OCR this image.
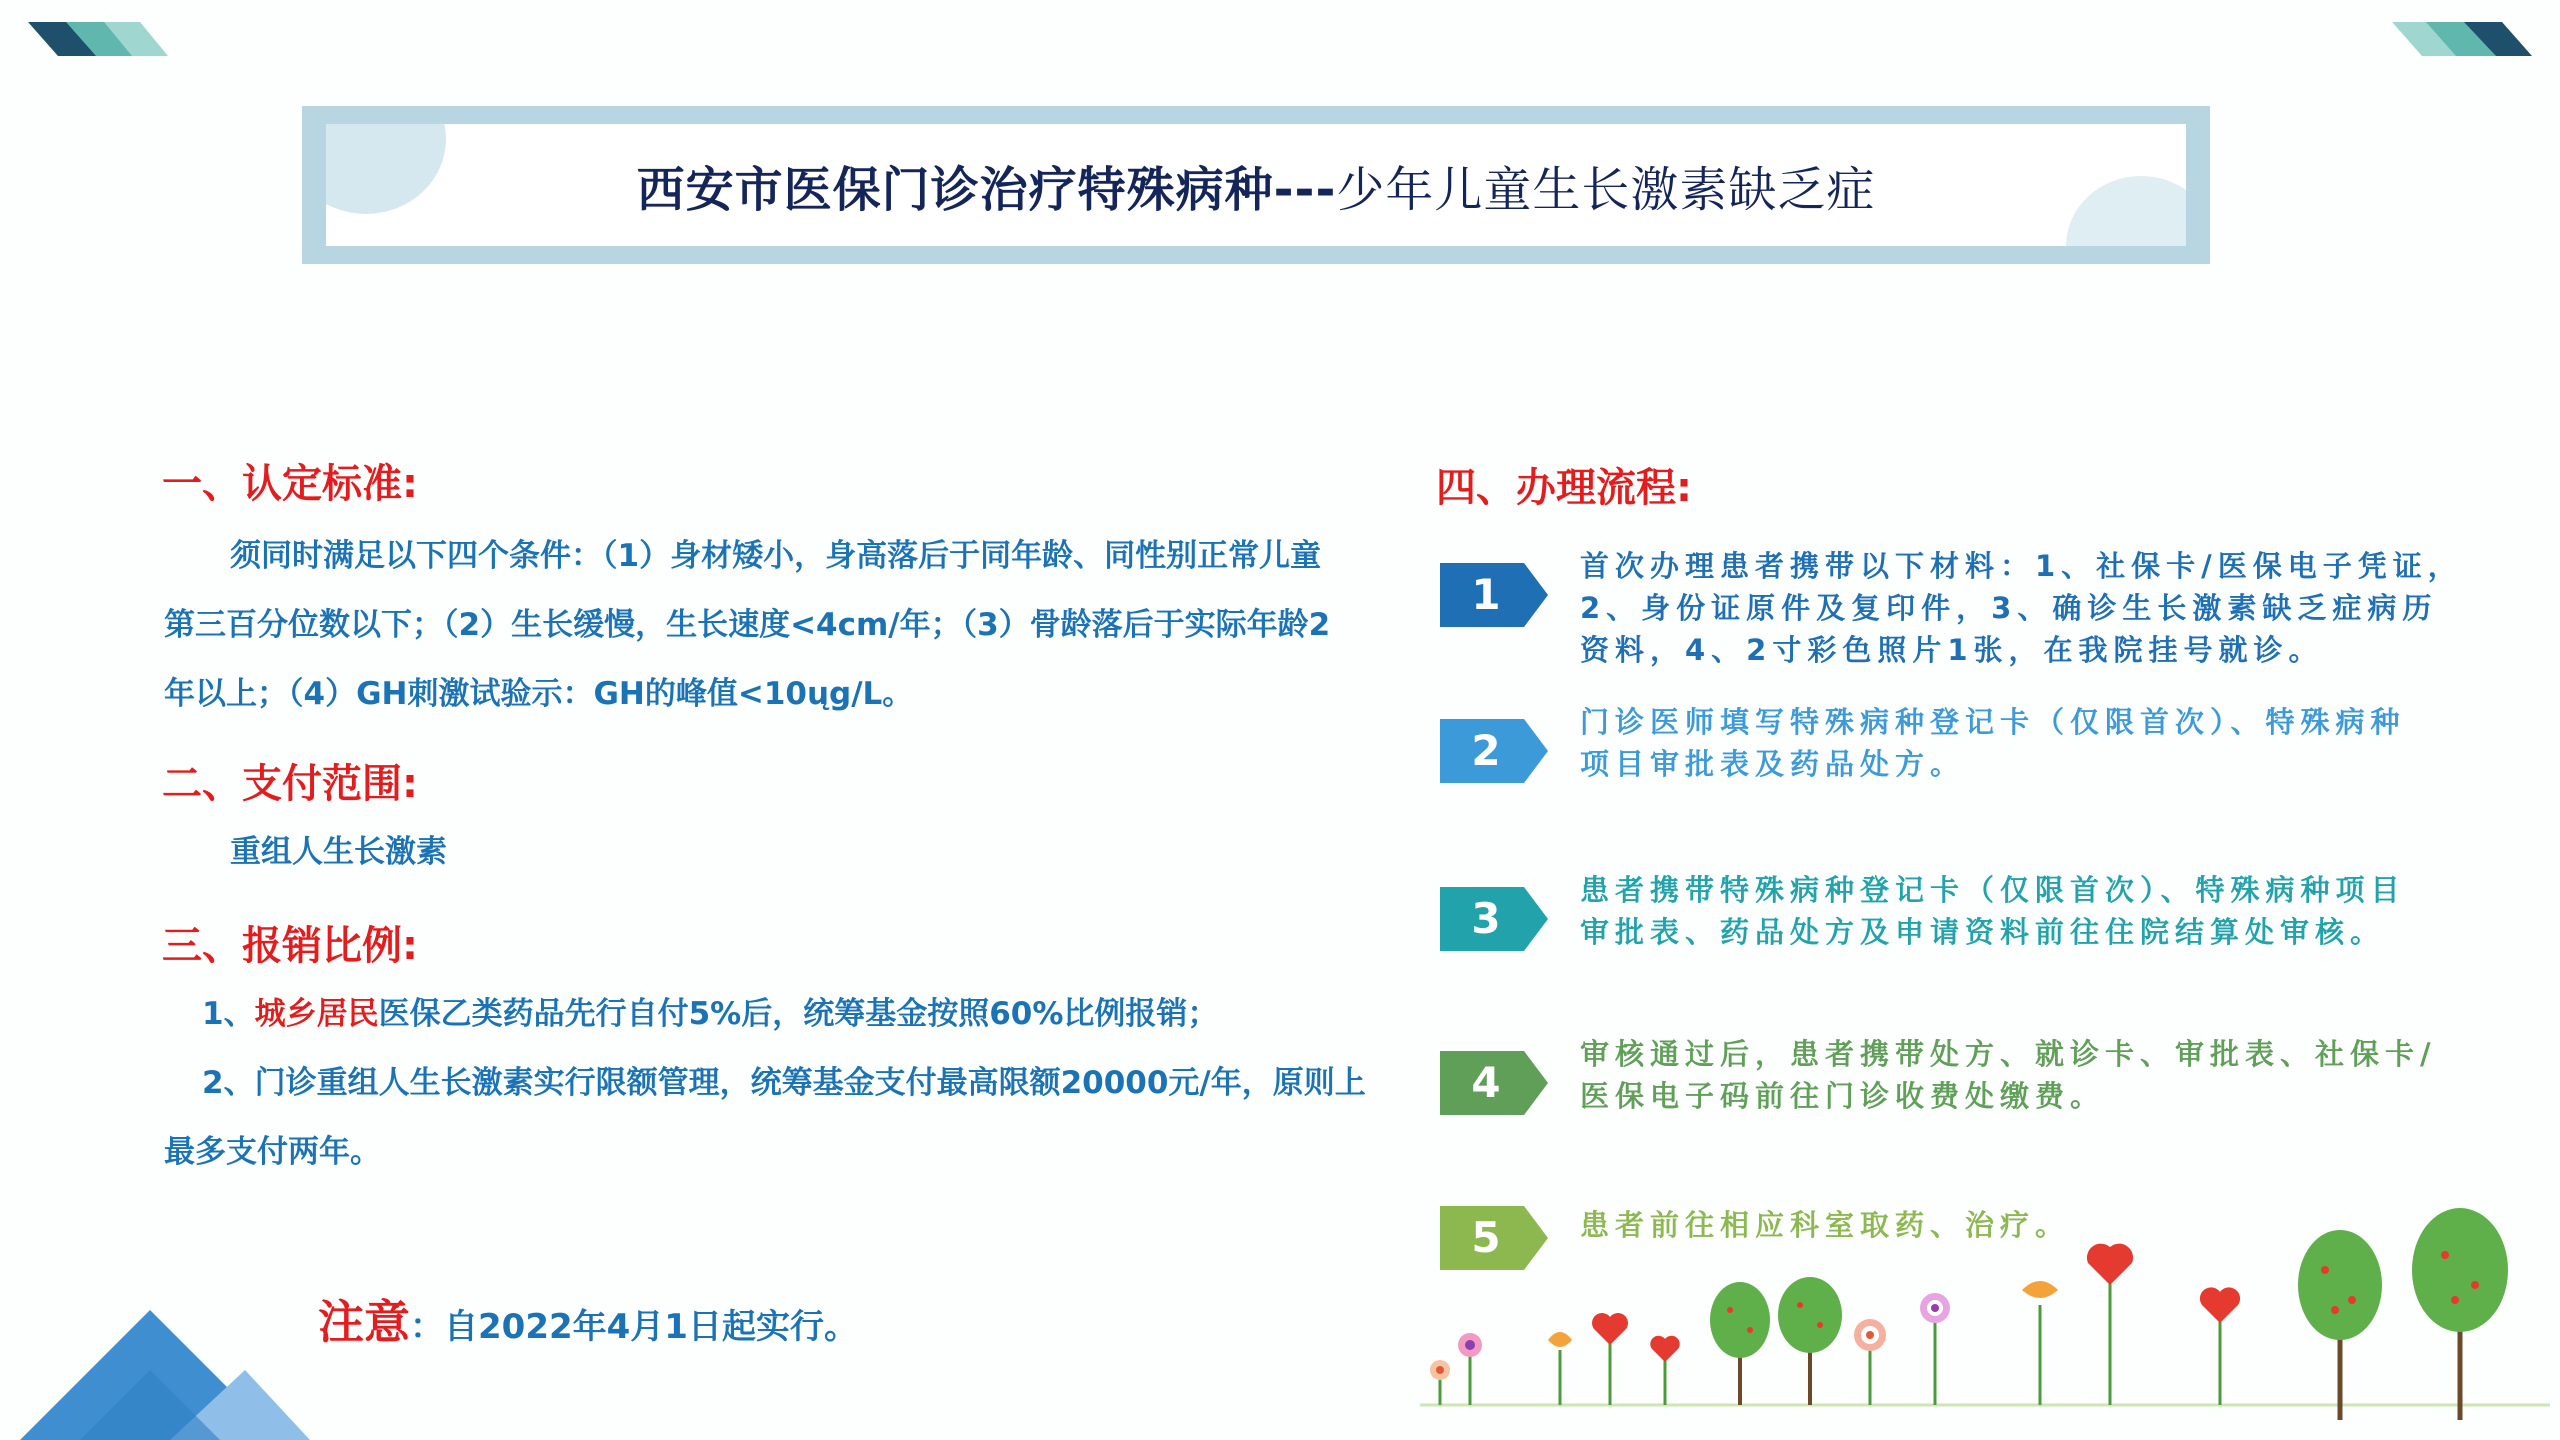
西安市医保门诊治疗特殊病种---少年儿童生长激素缺乏症
一、认定标准:
须同时满足以下四个条件：（1）身材矮小，身高落后于同年龄、同性别正常儿童
第三百分位数以下；（2）生长缓慢，生长速度<4cm/年；（3）骨龄落后于实际年龄2
年以上；（4）GH刺激试验示：GH的峰值<10ųg/L。
二、支付范围:
重组人生长激素
三、报销比例:
1、城乡居民医保乙类药品先行自付5%后，统筹基金按照60%比例报销；
2、门诊重组人生长激素实行限额管理，统筹基金支付最高限额20000元/年，原则上
最多支付两年。
注意：自2022年4月1日起实行。
四、办理流程:
1
首次办理患者携带以下材料：1、社保卡/医保电子凭证，
2、身份证原件及复印件，3、确诊生长激素缺乏症病历
资料，4、2寸彩色照片1张，在我院挂号就诊。
2
门诊医师填写特殊病种登记卡（仅限首次）、特殊病种
项目审批表及药品处方。
3
患者携带特殊病种登记卡（仅限首次）、特殊病种项目
审批表、药品处方及申请资料前往住院结算处审核。
4
审核通过后，患者携带处方、就诊卡、审批表、社保卡/
医保电子码前往门诊收费处缴费。
5	患者前往相应科室取药、治疗。
